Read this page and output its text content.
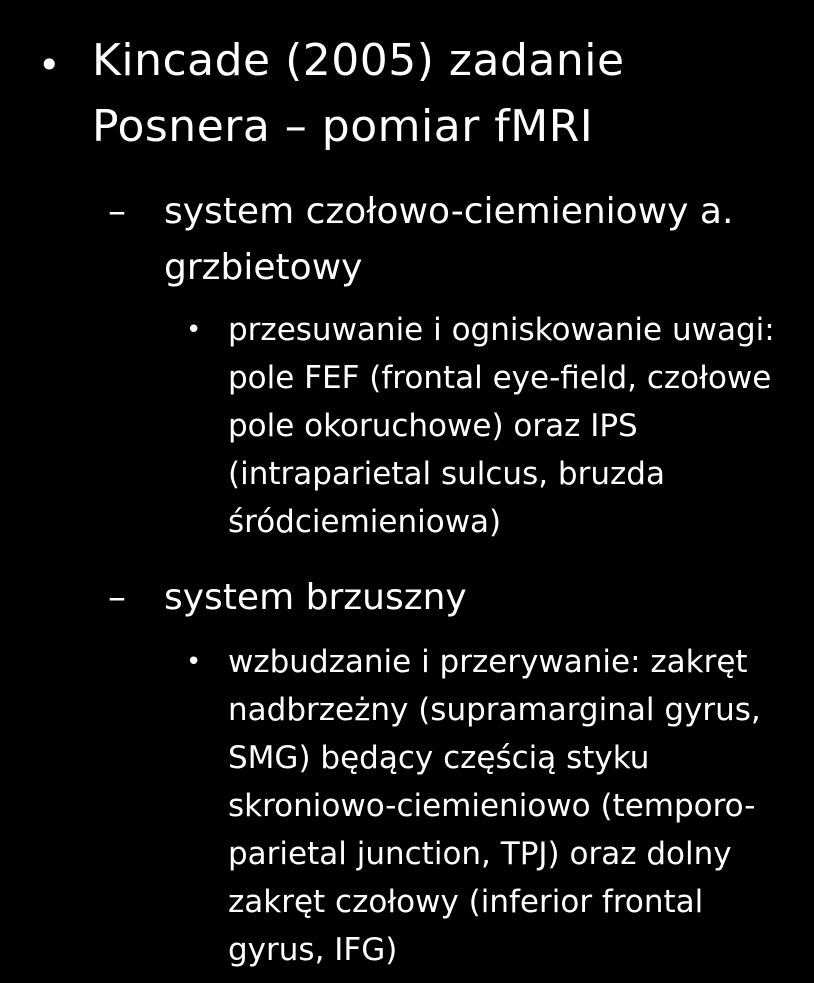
• Kincade (2005) zadanie Posnera – pomiar fMRI
– system czołowo-ciemieniowy a. grzbietowy
• przesuwanie i ogniskowanie uwagi: pole FEF (frontal eye-field, czołowe pole okoruchowe) oraz IPS (intraparietal sulcus, bruzda śródciemieniowa)
– system brzuszny
• wzbudzanie i przerywanie: zakręt nadbrzeżny (supramarginal gyrus, SMG) będący częścią styku skroniowo-ciemieniowo (temporo-parietal junction, TPJ) oraz dolny zakręt czołowy (inferior frontal gyrus, IFG)
